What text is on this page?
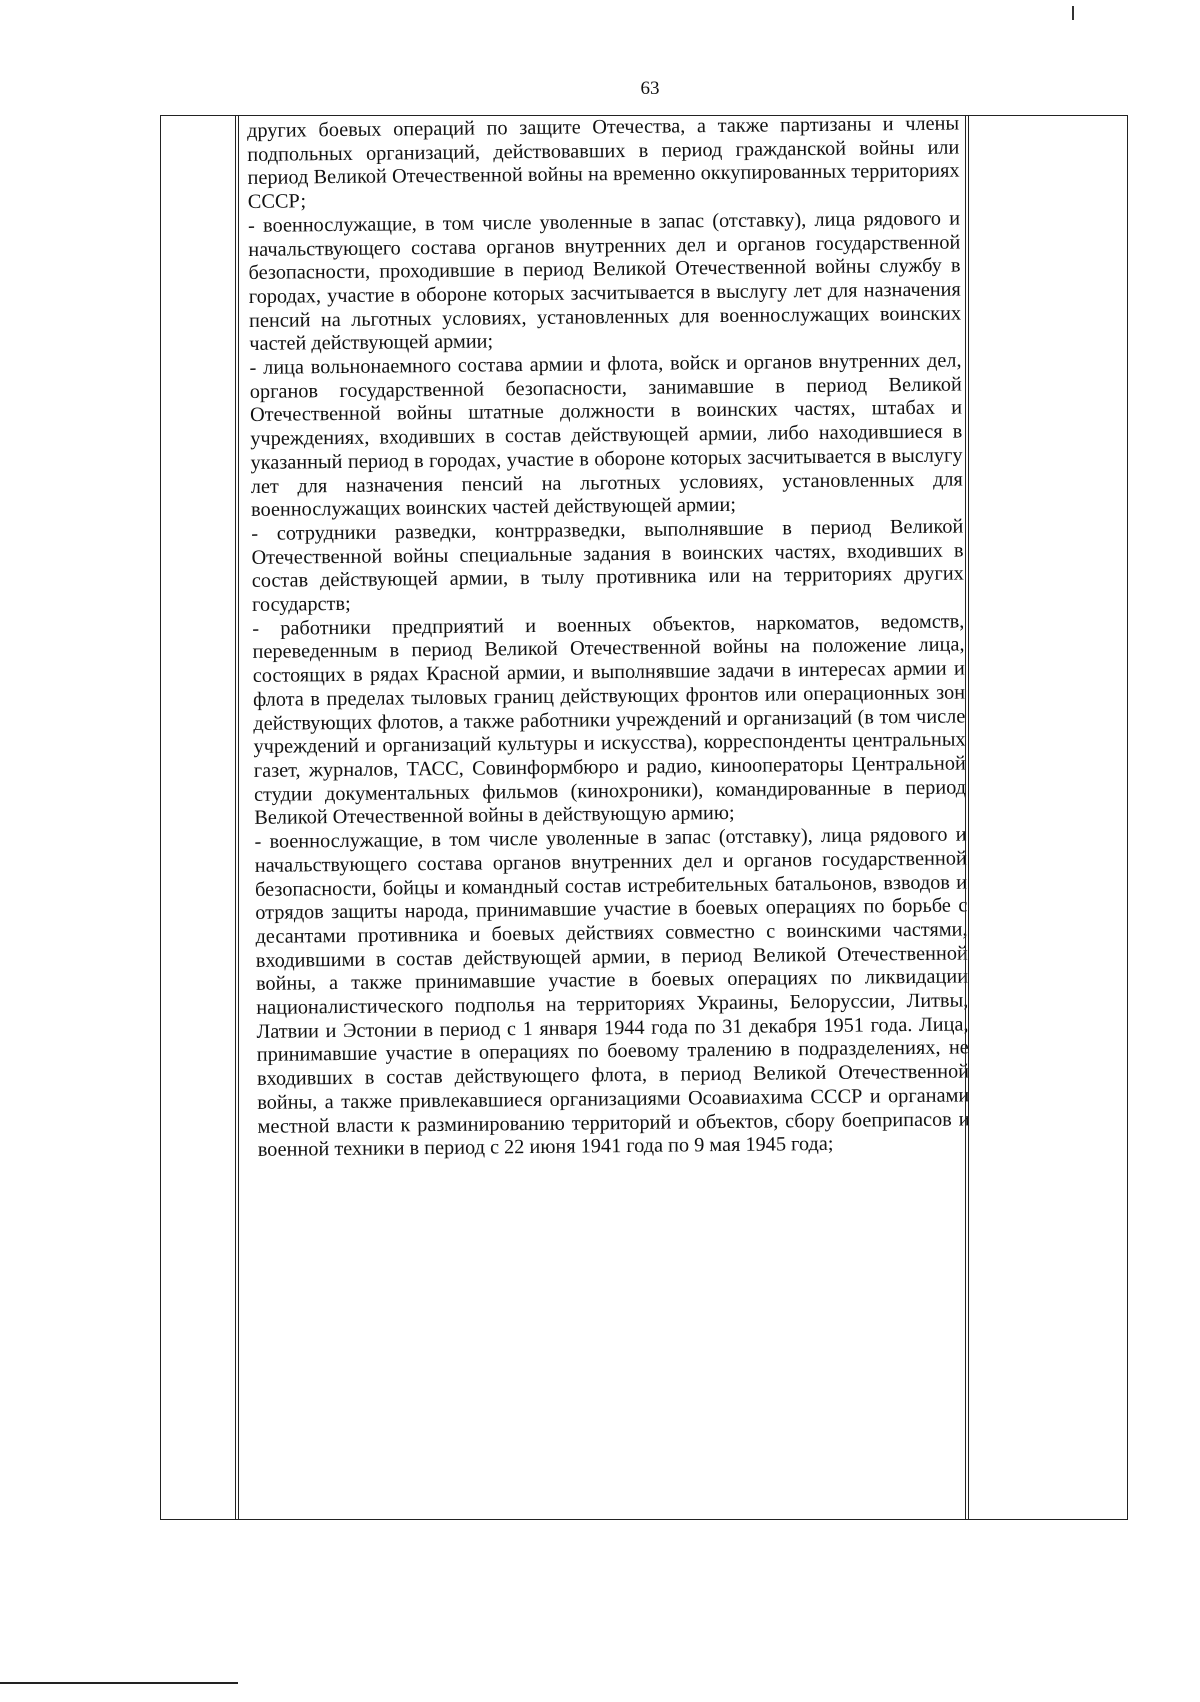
63

других боевых операций по защите Отечества, а также партизаны и члены подпольных организаций, действовавших в период гражданской войны или период Великой Отечественной войны на временно оккупированных территориях СССР;

- военнослужащие, в том числе уволенные в запас (отставку), лица рядового и начальствующего состава органов внутренних дел и органов государственной безопасности, проходившие в период Великой Отечественной войны службу в городах, участие в обороне которых засчитывается в выслугу лет для назначения пенсий на льготных условиях, установленных для военнослужащих воинских частей действующей армии;

- лица вольнонаемного состава армии и флота, войск и органов внутренних дел, органов государственной безопасности, занимавшие в период Великой Отечественной войны штатные должности в воинских частях, штабах и учреждениях, входивших в состав действующей армии, либо находившиеся в указанный период в городах, участие в обороне которых засчитывается в выслугу лет для назначения пенсий на льготных условиях, установленных для военнослужащих воинских частей действующей армии;

- сотрудники разведки, контрразведки, выполнявшие в период Великой Отечественной войны специальные задания в воинских частях, входивших в состав действующей армии, в тылу противника или на территориях других государств;

- работники предприятий и военных объектов, наркоматов, ведомств, переведенным в период Великой Отечественной войны на положение лица, состоящих в рядах Красной армии, и выполнявшие задачи в интересах армии и флота в пределах тыловых границ действующих фронтов или операционных зон действующих флотов, а также работники учреждений и организаций (в том числе учреждений и организаций культуры и искусства), корреспонденты центральных газет, журналов, ТАСС, Совинформбюро и радио, кинооператоры Центральной студии документальных фильмов (кинохроники), командированные в период Великой Отечественной войны в действующую армию;

- военнослужащие, в том числе уволенные в запас (отставку), лица рядового и начальствующего состава органов внутренних дел и органов государственной безопасности, бойцы и командный состав истребительных батальонов, взводов и отрядов защиты народа, принимавшие участие в боевых операциях по борьбе с десантами противника и боевых действиях совместно с воинскими частями, входившими в состав действующей армии, в период Великой Отечественной войны, а также принимавшие участие в боевых операциях по ликвидации националистического подполья на территориях Украины, Белоруссии, Литвы, Латвии и Эстонии в период с 1 января 1944 года по 31 декабря 1951 года. Лица, принимавшие участие в операциях по боевому тралению в подразделениях, не входивших в состав действующего флота, в период Великой Отечественной войны, а также привлекавшиеся организациями Осоавиахима СССР и органами местной власти к разминированию территорий и объектов, сбору боеприпасов и военной техники в период с 22 июня 1941 года по 9 мая 1945 года;
